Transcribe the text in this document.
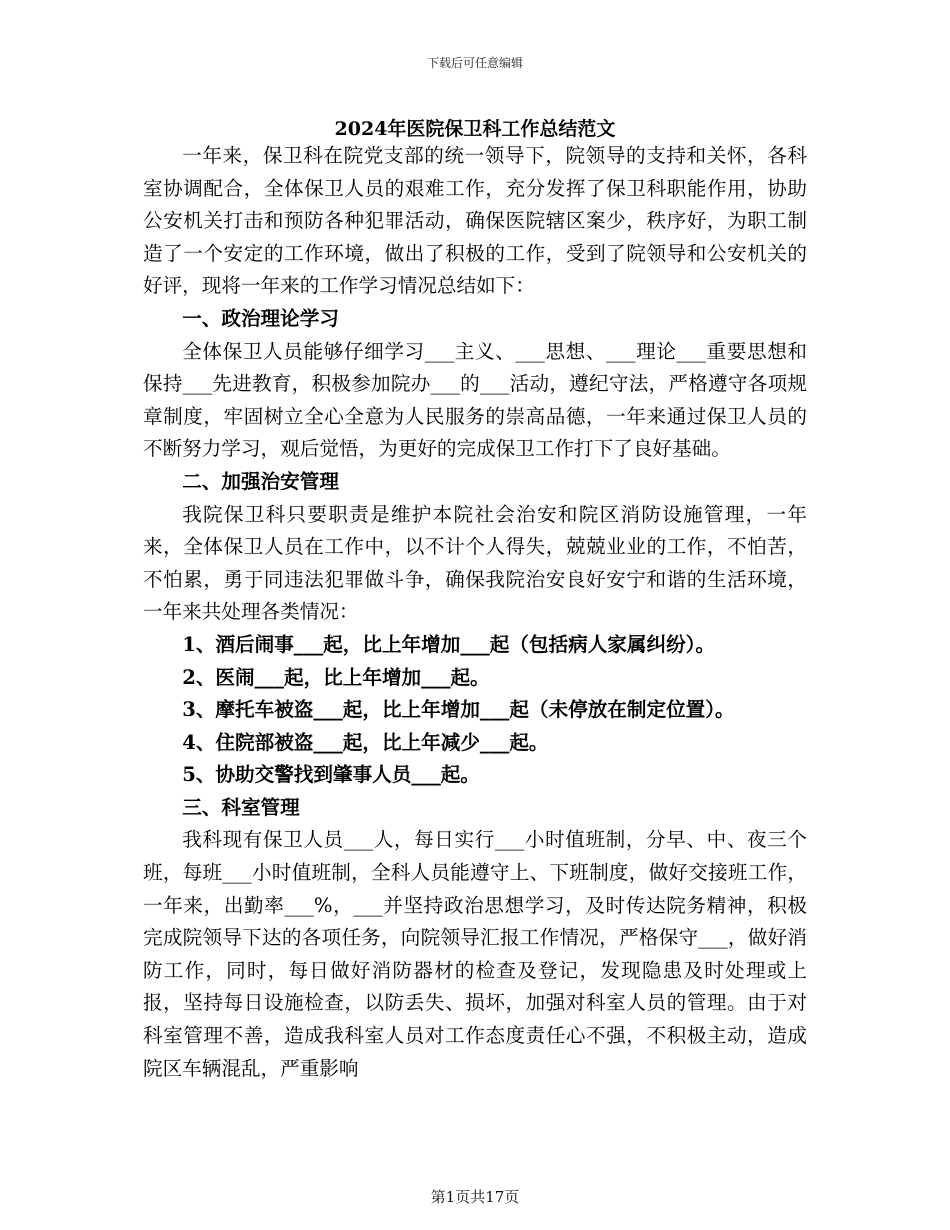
下载后可任意编辑
2024年医院保卫科工作总结范文

一年来，保卫科在院党支部的统一领导下，院领导的支持和关怀，各科室协调配合，全体保卫人员的艰难工作，充分发挥了保卫科职能作用，协助公安机关打击和预防各种犯罪活动，确保医院辖区案少，秩序好，为职工制造了一个安定的工作环境，做出了积极的工作，受到了院领导和公安机关的好评，现将一年来的工作学习情况总结如下：

一、政治理论学习

全体保卫人员能够仔细学习___主义、___思想、___理论___重要思想和保持___先进教育，积极参加院办___的___活动，遵纪守法，严格遵守各项规章制度，牢固树立全心全意为人民服务的崇高品德，一年来通过保卫人员的不断努力学习，观后觉悟，为更好的完成保卫工作打下了良好基础。

二、加强治安管理

我院保卫科只要职责是维护本院社会治安和院区消防设施管理，一年来，全体保卫人员在工作中，以不计个人得失，兢兢业业的工作，不怕苦，不怕累，勇于同违法犯罪做斗争，确保我院治安良好安宁和谐的生活环境，一年来共处理各类情况：

1、酒后闹事___起，比上年增加___起（包括病人家属纠纷）。

2、医闹___起，比上年增加___起。

3、摩托车被盗___起，比上年增加___起（未停放在制定位置）。

4、住院部被盗___起，比上年减少___起。

5、协助交警找到肇事人员___起。

三、科室管理

我科现有保卫人员___人，每日实行___小时值班制，分早、中、夜三个班，每班___小时值班制，全科人员能遵守上、下班制度，做好交接班工作，一年来，出勤率___%，___并坚持政治思想学习，及时传达院务精神，积极完成院领导下达的各项任务，向院领导汇报工作情况，严格保守___，做好消防工作，同时，每日做好消防器材的检查及登记，发现隐患及时处理或上报，坚持每日设施检查，以防丢失、损坏，加强对科室人员的管理。由于对科室管理不善，造成我科室人员对工作态度责任心不强，不积极主动，造成院区车辆混乱，严重影响

第1页共17页
